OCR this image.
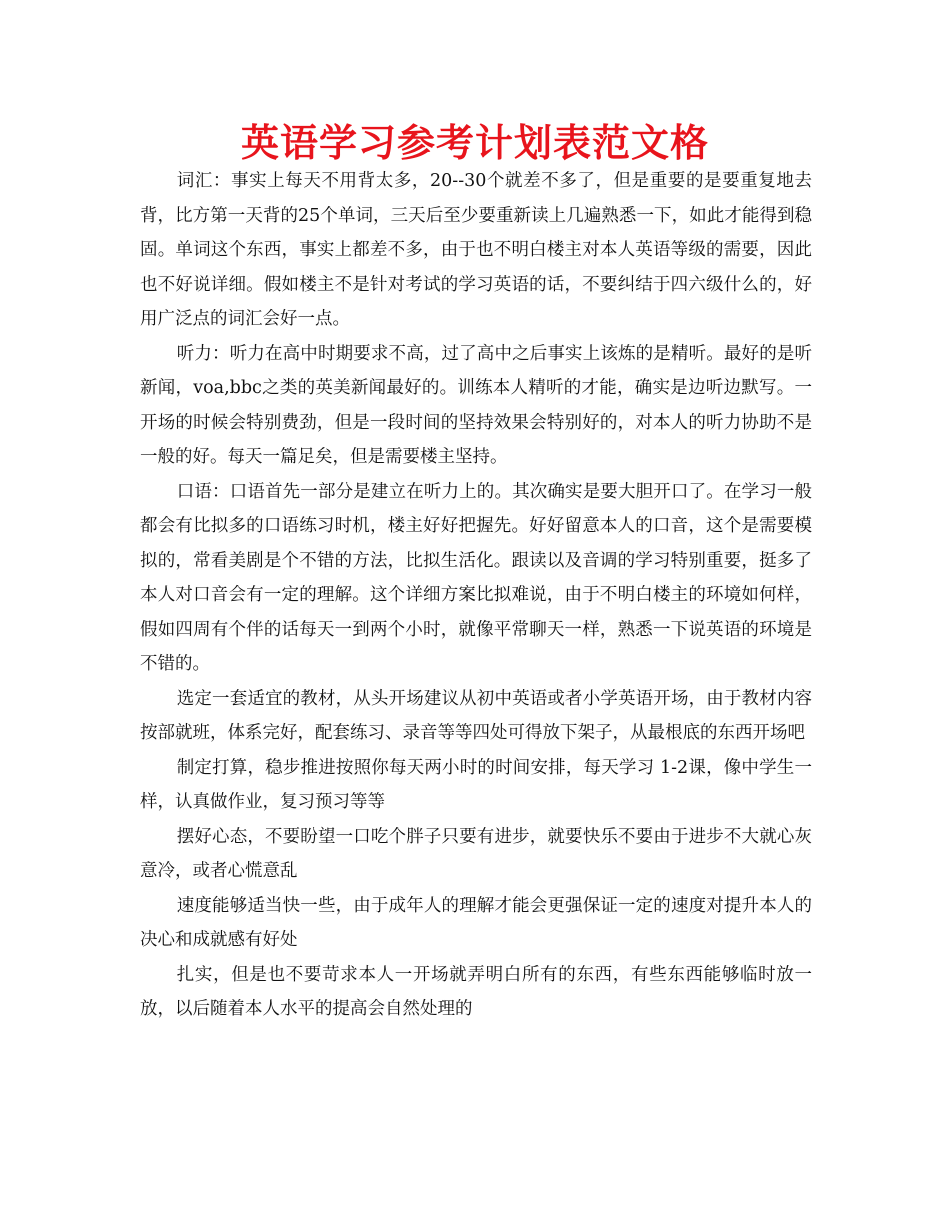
英语学习参考计划表范文格

词汇：事实上每天不用背太多，20--30个就差不多了，但是重要的是要重复地去背，比方第一天背的25个单词，三天后至少要重新读上几遍熟悉一下，如此才能得到稳固。单词这个东西，事实上都差不多，由于也不明白楼主对本人英语等级的需要，因此也不好说详细。假如楼主不是针对考试的学习英语的话，不要纠结于四六级什么的，好用广泛点的词汇会好一点。

听力：听力在高中时期要求不高，过了高中之后事实上该炼的是精听。最好的是听新闻，voa,bbc之类的英美新闻最好的。训练本人精听的才能，确实是边听边默写。一开场的时候会特别费劲，但是一段时间的坚持效果会特别好的，对本人的听力协助不是一般的好。每天一篇足矣，但是需要楼主坚持。

口语：口语首先一部分是建立在听力上的。其次确实是要大胆开口了。在学习一般都会有比拟多的口语练习时机，楼主好好把握先。好好留意本人的口音，这个是需要模拟的，常看美剧是个不错的方法，比拟生活化。跟读以及音调的学习特别重要，挺多了本人对口音会有一定的理解。这个详细方案比拟难说，由于不明白楼主的环境如何样，假如四周有个伴的话每天一到两个小时，就像平常聊天一样，熟悉一下说英语的环境是不错的。

选定一套适宜的教材，从头开场建议从初中英语或者小学英语开场，由于教材内容按部就班，体系完好，配套练习、录音等等四处可得放下架子，从最根底的东西开场吧

制定打算，稳步推进按照你每天两小时的时间安排，每天学习 1-2课，像中学生一样，认真做作业，复习预习等等

摆好心态，不要盼望一口吃个胖子只要有进步，就要快乐不要由于进步不大就心灰意冷，或者心慌意乱

速度能够适当快一些，由于成年人的理解才能会更强保证一定的速度对提升本人的决心和成就感有好处

扎实，但是也不要苛求本人一开场就弄明白所有的东西，有些东西能够临时放一放，以后随着本人水平的提高会自然处理的
